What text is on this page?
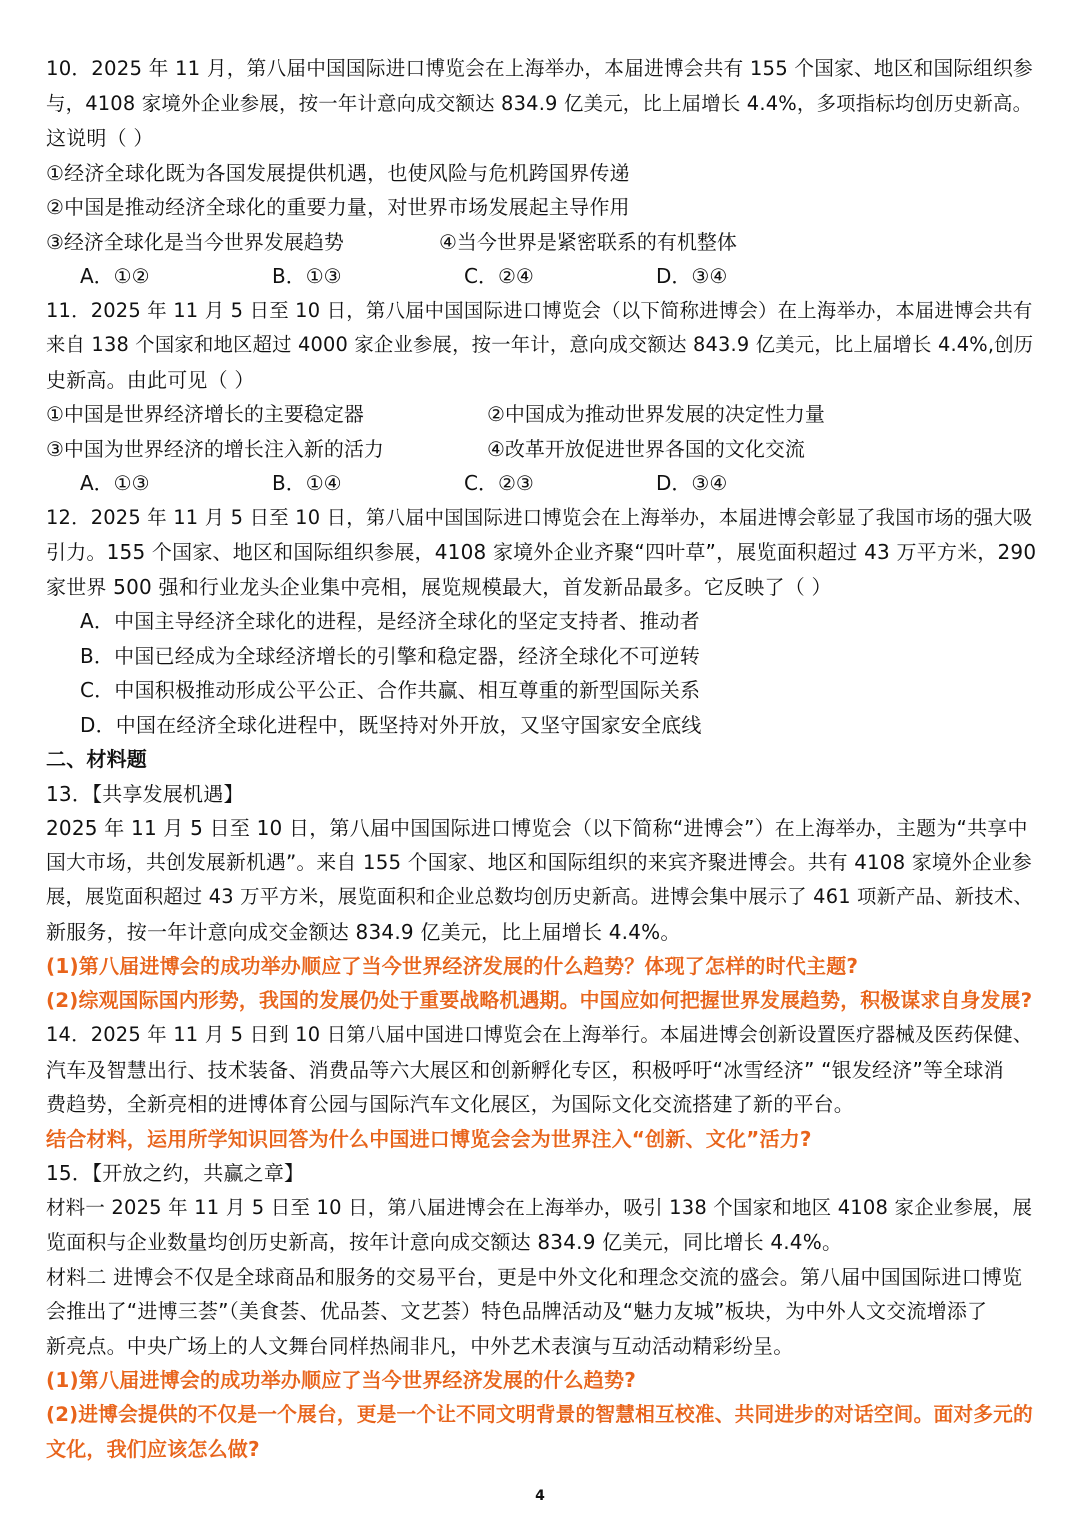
10．2025 年 11 月，第八届中国国际进口博览会在上海举办，本届进博会共有 155 个国家、地区和国际组织参
与，4108 家境外企业参展，按一年计意向成交额达 834.9 亿美元，比上届增长 4.4%，多项指标均创历史新高。
这说明（ ）
①经济全球化既为各国发展提供机遇，也使风险与危机跨国界传递
②中国是推动经济全球化的重要力量，对世界市场发展起主导作用
③经济全球化是当今世界发展趋势	④当今世界是紧密联系的有机整体
A．①②	B．①③	C．②④	D．③④
11．2025 年 11 月 5 日至 10 日，第八届中国国际进口博览会（以下简称进博会）在上海举办，本届进博会共有
来自 138 个国家和地区超过 4000 家企业参展，按一年计，意向成交额达 843.9 亿美元，比上届增长 4.4%,创历
史新高。由此可见（ ）
①中国是世界经济增长的主要稳定器	②中国成为推动世界发展的决定性力量
③中国为世界经济的增长注入新的活力	④改革开放促进世界各国的文化交流
A．①③	B．①④	C．②③	D．③④
12．2025 年 11 月 5 日至 10 日，第八届中国国际进口博览会在上海举办，本届进博会彰显了我国市场的强大吸
引力。155 个国家、地区和国际组织参展，4108 家境外企业齐聚“四叶草”，展览面积超过 43 万平方米，290
家世界 500 强和行业龙头企业集中亮相，展览规模最大，首发新品最多。它反映了（ ）
A．中国主导经济全球化的进程，是经济全球化的坚定支持者、推动者
B．中国已经成为全球经济增长的引擎和稳定器，经济全球化不可逆转
C．中国积极推动形成公平公正、合作共赢、相互尊重的新型国际关系
D．中国在经济全球化进程中，既坚持对外开放，又坚守国家安全底线
二、材料题
13．【共享发展机遇】
2025 年 11 月 5 日至 10 日，第八届中国国际进口博览会（以下简称“进博会”）在上海举办，主题为“共享中
国大市场，共创发展新机遇”。来自 155 个国家、地区和国际组织的来宾齐聚进博会。共有 4108 家境外企业参
展，展览面积超过 43 万平方米，展览面积和企业总数均创历史新高。进博会集中展示了 461 项新产品、新技术、
新服务，按一年计意向成交金额达 834.9 亿美元，比上届增长 4.4%。
(1)第八届进博会的成功举办顺应了当今世界经济发展的什么趋势？体现了怎样的时代主题?
(2)综观国际国内形势，我国的发展仍处于重要战略机遇期。中国应如何把握世界发展趋势，积极谋求自身发展?
14．2025 年 11 月 5 日到 10 日第八届中国进口博览会在上海举行。本届进博会创新设置医疗器械及医药保健、
汽车及智慧出行、技术装备、消费品等六大展区和创新孵化专区，积极呼吁“冰雪经济” “银发经济”等全球消
费趋势，全新亮相的进博体育公园与国际汽车文化展区，为国际文化交流搭建了新的平台。
结合材料，运用所学知识回答为什么中国进口博览会会为世界注入“创新、文化”活力?
15．【开放之约，共赢之章】
材料一 2025 年 11 月 5 日至 10 日，第八届进博会在上海举办，吸引 138 个国家和地区 4108 家企业参展，展
览面积与企业数量均创历史新高，按年计意向成交额达 834.9 亿美元，同比增长 4.4%。
材料二 进博会不仅是全球商品和服务的交易平台，更是中外文化和理念交流的盛会。第八届中国国际进口博览
会推出了“进博三荟”（美食荟、优品荟、文艺荟）特色品牌活动及“魅力友城”板块，为中外人文交流增添了
新亮点。中央广场上的人文舞台同样热闹非凡，中外艺术表演与互动活动精彩纷呈。
(1)第八届进博会的成功举办顺应了当今世界经济发展的什么趋势?
(2)进博会提供的不仅是一个展台，更是一个让不同文明背景的智慧相互校准、共同进步的对话空间。面对多元的
文化，我们应该怎么做?
4
